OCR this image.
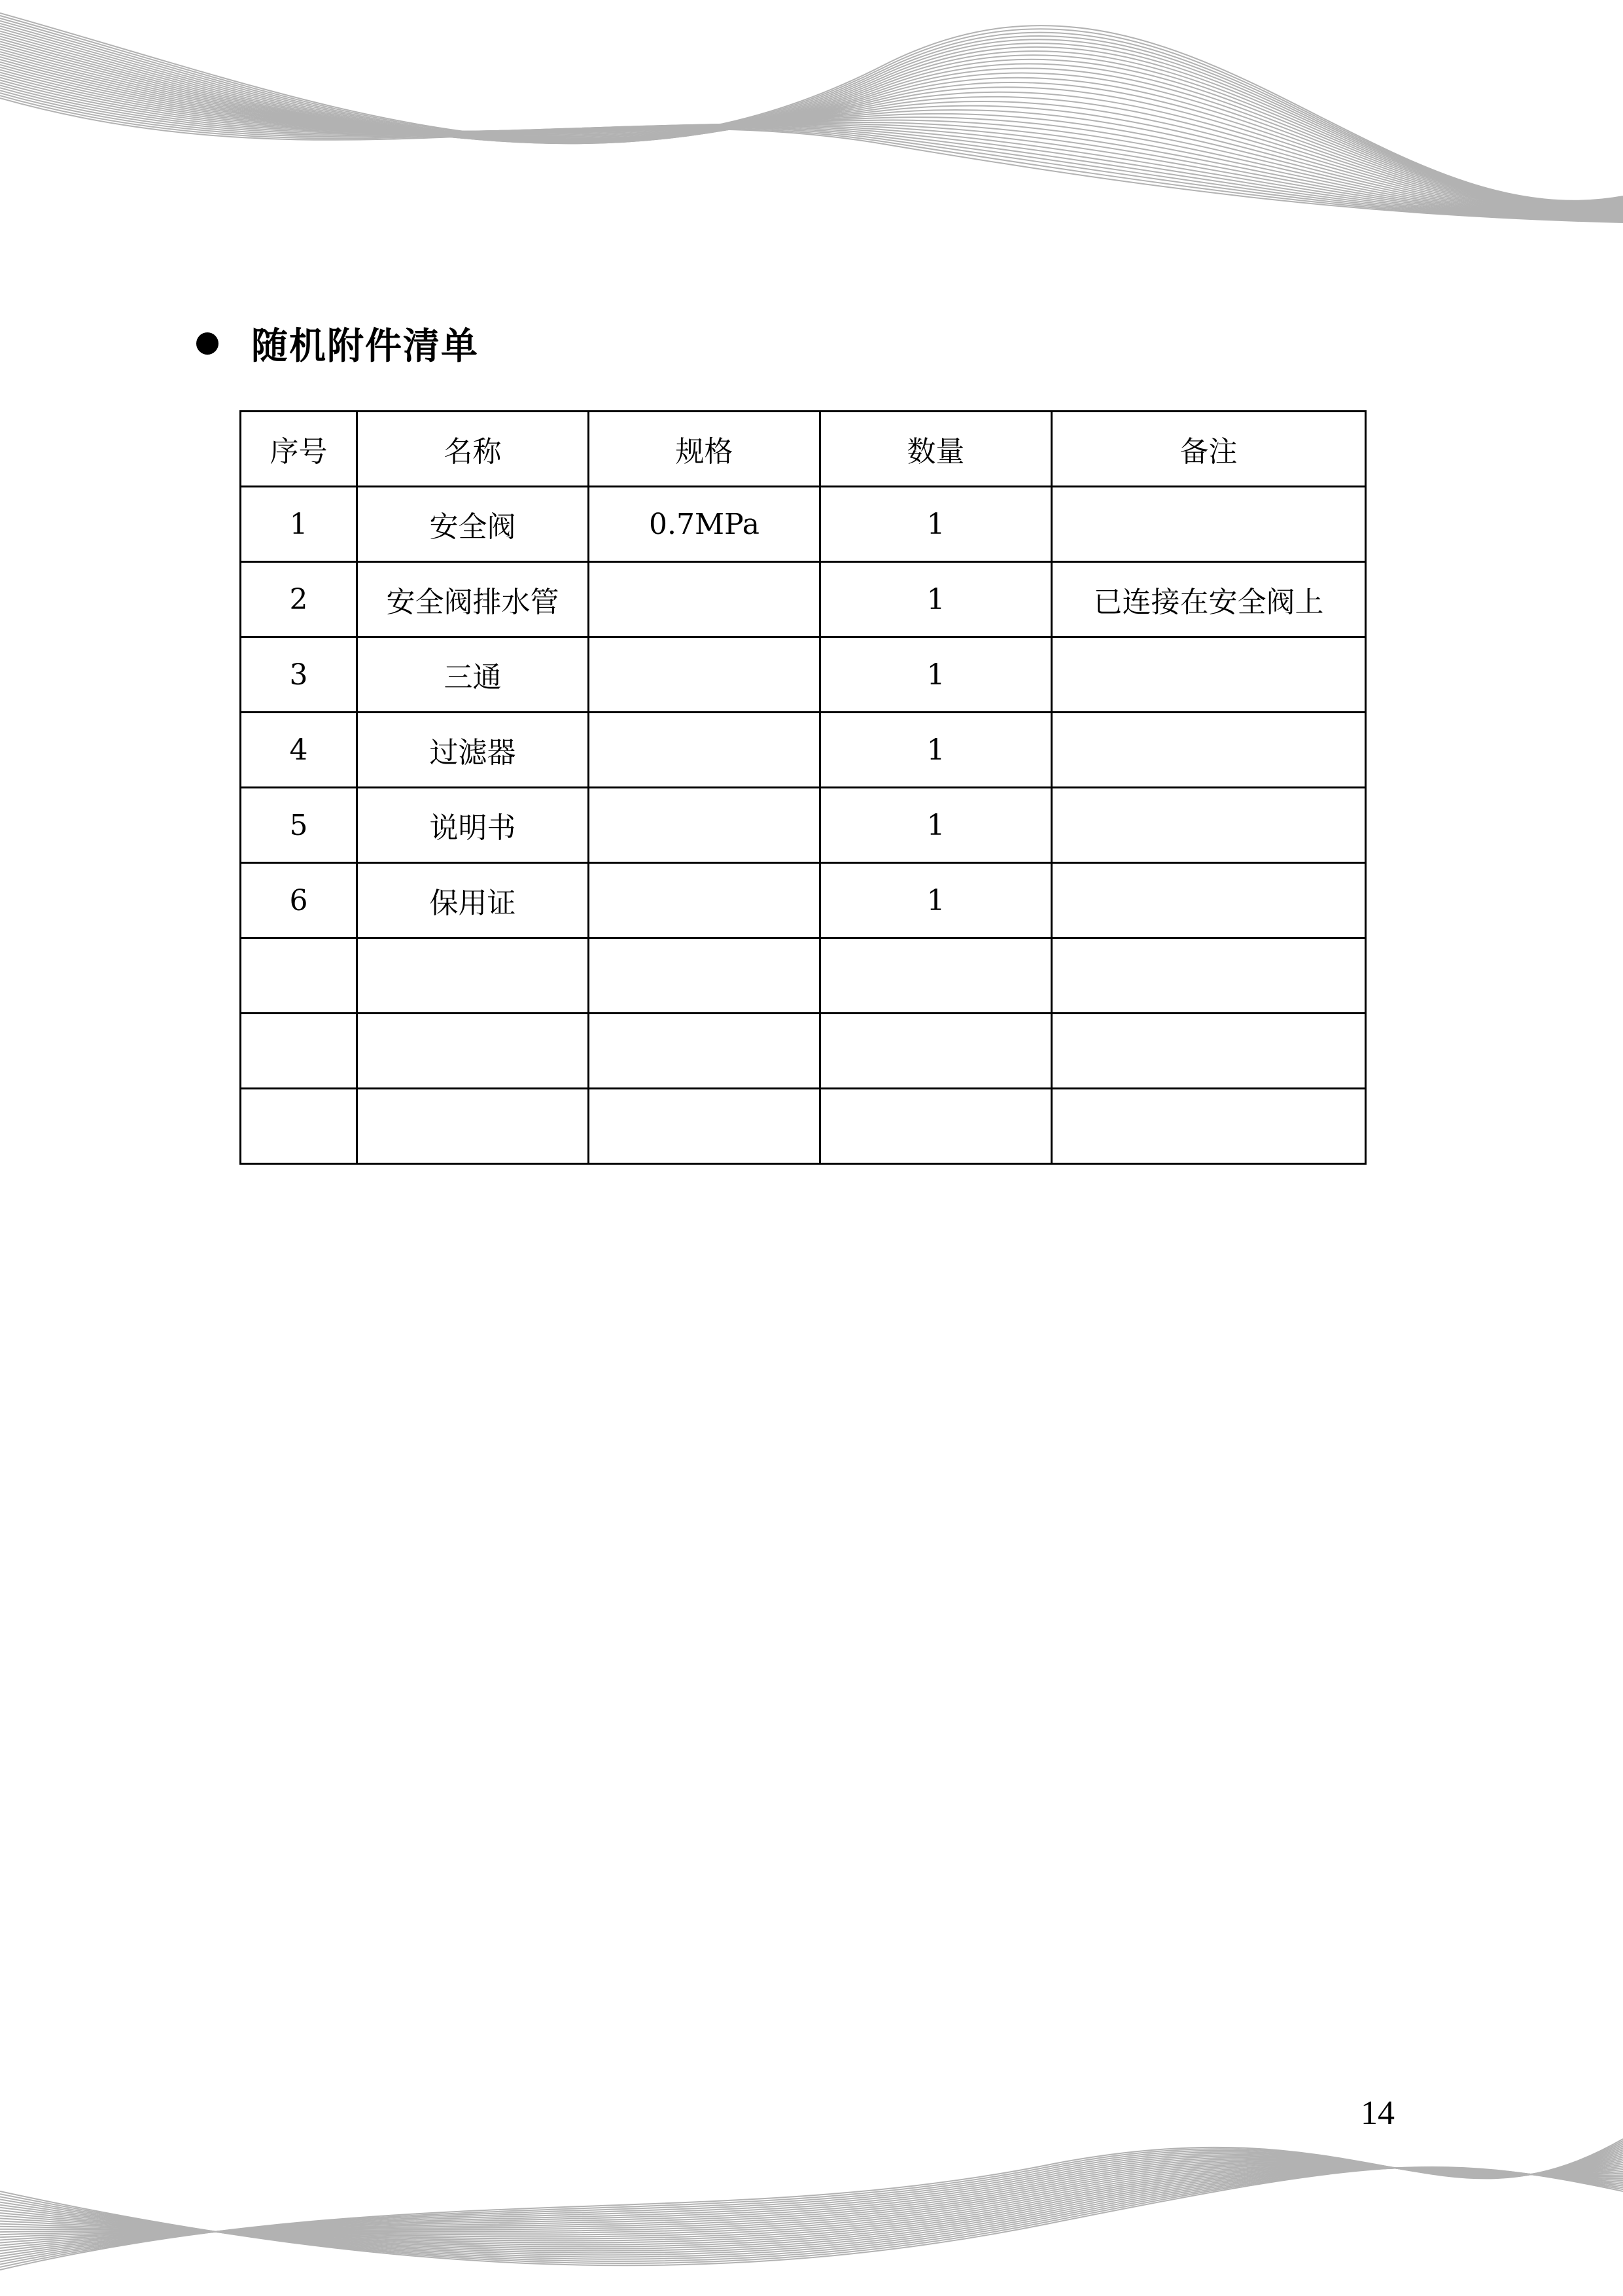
随机附件清单
序号	名称	规格	数量	备注
1	安全阀	0.7MPa	1	
2	安全阀排水管		1	已连接在安全阀上
3	三通		1	
4	过滤器		1	
5	说明书		1	
6	保用证		1	

14
